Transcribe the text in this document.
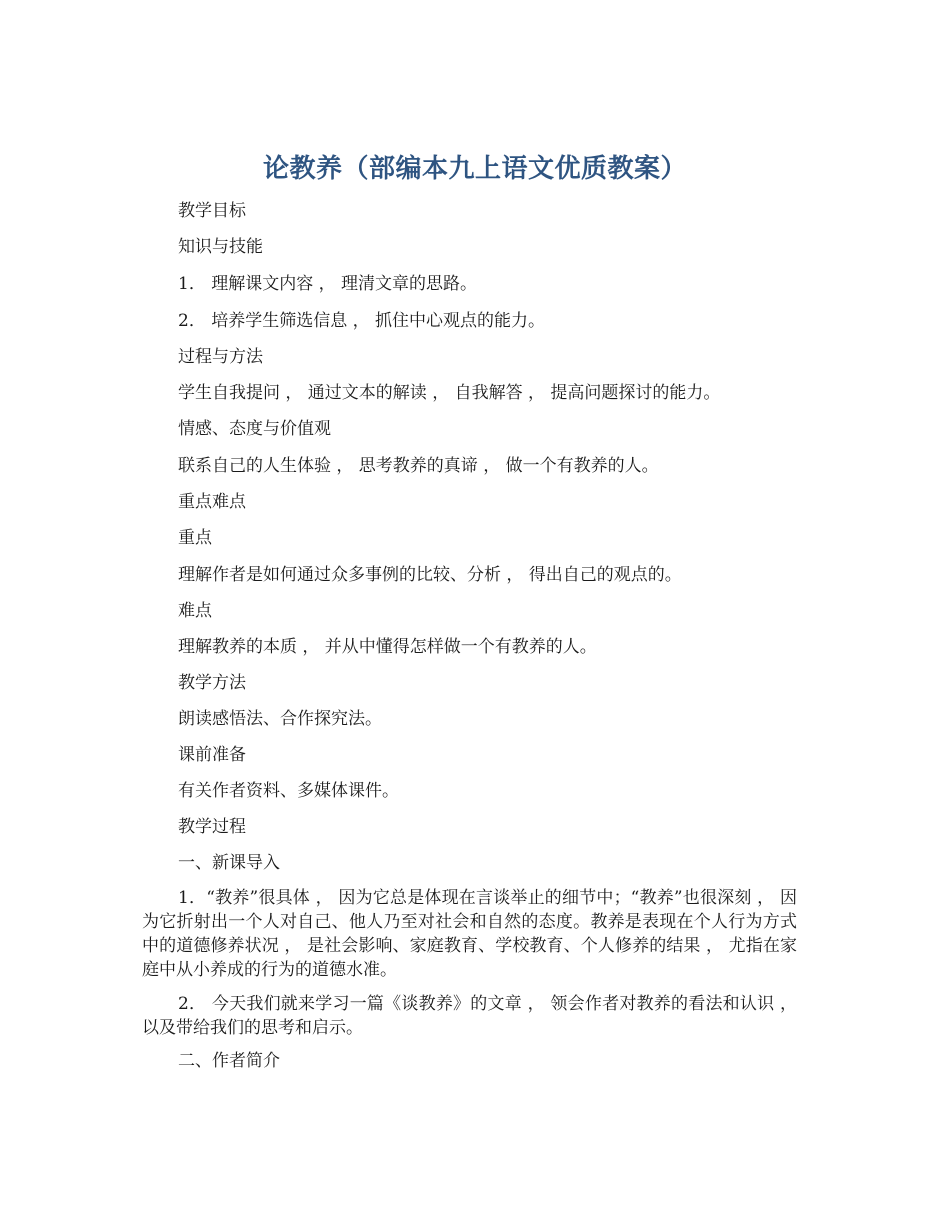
论教养（部编本九上语文优质教案）
教学目标
知识与技能
1． 理解课文内容 ， 理清文章的思路。
2． 培养学生筛选信息 ， 抓住中心观点的能力。
过程与方法
学生自我提问 ， 通过文本的解读 ， 自我解答 ， 提高问题探讨的能力。
情感、态度与价值观
联系自己的人生体验 ， 思考教养的真谛 ， 做一个有教养的人。
重点难点
重点
理解作者是如何通过众多事例的比较、分析 ， 得出自己的观点的。
难点
理解教养的本质 ， 并从中懂得怎样做一个有教养的人。
教学方法
朗读感悟法、合作探究法。
课前准备
有关作者资料、多媒体课件。
教学过程
一、新课导入
1．“教养”很具体 ， 因为它总是体现在言谈举止的细节中；“教养”也很深刻 ， 因为它折射出一个人对自己、他人乃至对社会和自然的态度。教养是表现在个人行为方式中的道德修养状况 ， 是社会影响、家庭教育、学校教育、个人修养的结果 ， 尤指在家庭中从小养成的行为的道德水准。
2． 今天我们就来学习一篇《谈教养》的文章 ， 领会作者对教养的看法和认识 ， 以及带给我们的思考和启示。
二、作者简介
